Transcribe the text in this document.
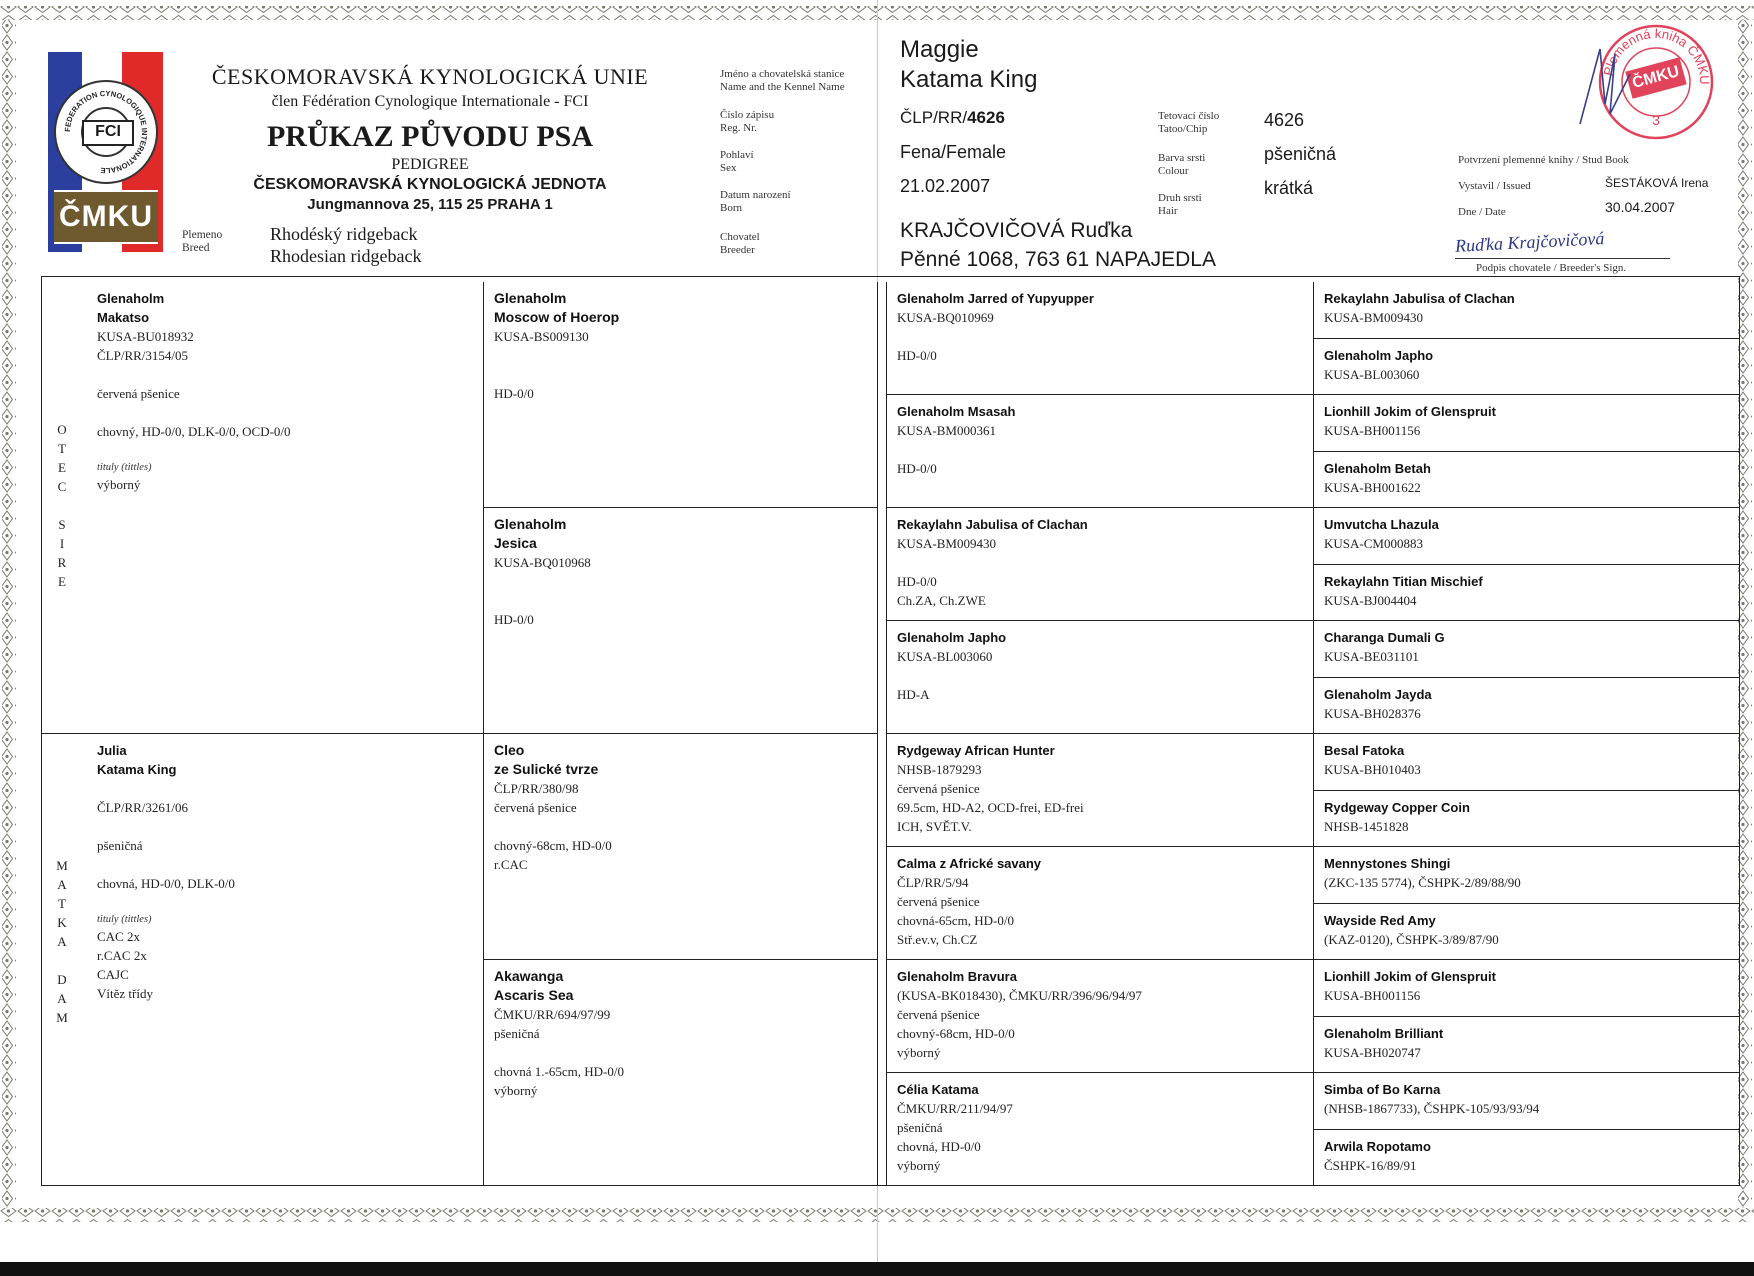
FEDERATION CYNOLOGIQUE INTERNATIONALE
FCI
ČMKU
ČESKOMORAVSKÁ KYNOLOGICKÁ UNIE
člen Fédération Cynologique Internationale - FCI
PRŮKAZ PŮVODU PSA
PEDIGREE
ČESKOMORAVSKÁ KYNOLOGICKÁ JEDNOTA
Jungmannova 25, 115 25 PRAHA 1
Plemeno
Breed
Rhodéský ridgeback
Rhodesian ridgeback
Jméno a chovatelská stanice
Name and the Kennel Name
Číslo zápisu
Reg. Nr.
Pohlaví
Sex
Datum narození
Born
Chovatel
Breeder
Maggie
Katama King
ČLP/RR/4626
Fena/Female
21.02.2007
KRAJČOVIČOVÁ Ruďka
Pěnné 1068, 763 61 NAPAJEDLA
Tetovací číslo
Tatoo/Chip
Barva srsti
Colour
Druh srsti
Hair
4626
pšeničná
krátká
Potvrzení plemenné knihy / Stud Book
Vystavil / Issued
Dne / Date
ŠESTÁKOVÁ Irena
30.04.2007
Ruďka Krajčovičová
Podpis chovatele / Breeder's Sign.
Plemenná kniha ČMKU
ČMKU
3
O
T
E
C
S
I
R
E
M
A
T
K
A
D
A
M
Glenaholm
Makatso
KUSA-BU018932
ČLP/RR/3154/05
červená pšenice
chovný, HD-0/0, DLK-0/0, OCD-0/0
tituly (tittles)
výborný
Julia
Katama King
ČLP/RR/3261/06
pšeničná
chovná, HD-0/0, DLK-0/0
tituly (tittles)
CAC 2x
r.CAC 2x
CAJC
Vítěz třídy
Glenaholm
Moscow of Hoerop
KUSA-BS009130
HD-0/0
Glenaholm
Jesica
KUSA-BQ010968
HD-0/0
Cleo
ze Sulické tvrze
ČLP/RR/380/98
červená pšenice
chovný-68cm, HD-0/0
r.CAC
Akawanga
Ascaris Sea
ČMKU/RR/694/97/99
pšeničná
chovná 1.-65cm, HD-0/0
výborný
Glenaholm Jarred of Yupyupper
KUSA-BQ010969
HD-0/0
Glenaholm Msasah
KUSA-BM000361
HD-0/0
Rekaylahn Jabulisa of Clachan
KUSA-BM009430
HD-0/0
Ch.ZA, Ch.ZWE
Glenaholm Japho
KUSA-BL003060
HD-A
Rydgeway African Hunter
NHSB-1879293
červená pšenice
69.5cm, HD-A2, OCD-frei, ED-frei
ICH, SVĚT.V.
Calma z Africké savany
ČLP/RR/5/94
červená pšenice
chovná-65cm, HD-0/0
Stř.ev.v, Ch.CZ
Glenaholm Bravura
(KUSA-BK018430), ČMKU/RR/396/96/94/97
červená pšenice
chovný-68cm, HD-0/0
výborný
Célia Katama
ČMKU/RR/211/94/97
pšeničná
chovná, HD-0/0
výborný
Rekaylahn Jabulisa of Clachan
KUSA-BM009430
Glenaholm Japho
KUSA-BL003060
Lionhill Jokim of Glenspruit
KUSA-BH001156
Glenaholm Betah
KUSA-BH001622
Umvutcha Lhazula
KUSA-CM000883
Rekaylahn Titian Mischief
KUSA-BJ004404
Charanga Dumali G
KUSA-BE031101
Glenaholm Jayda
KUSA-BH028376
Besal Fatoka
KUSA-BH010403
Rydgeway Copper Coin
NHSB-1451828
Mennystones Shingi
(ZKC-135 5774), ČSHPK-2/89/88/90
Wayside Red Amy
(KAZ-0120), ČSHPK-3/89/87/90
Lionhill Jokim of Glenspruit
KUSA-BH001156
Glenaholm Brilliant
KUSA-BH020747
Simba of Bo Karna
(NHSB-1867733), ČSHPK-105/93/93/94
Arwila Ropotamo
ČSHPK-16/89/91
